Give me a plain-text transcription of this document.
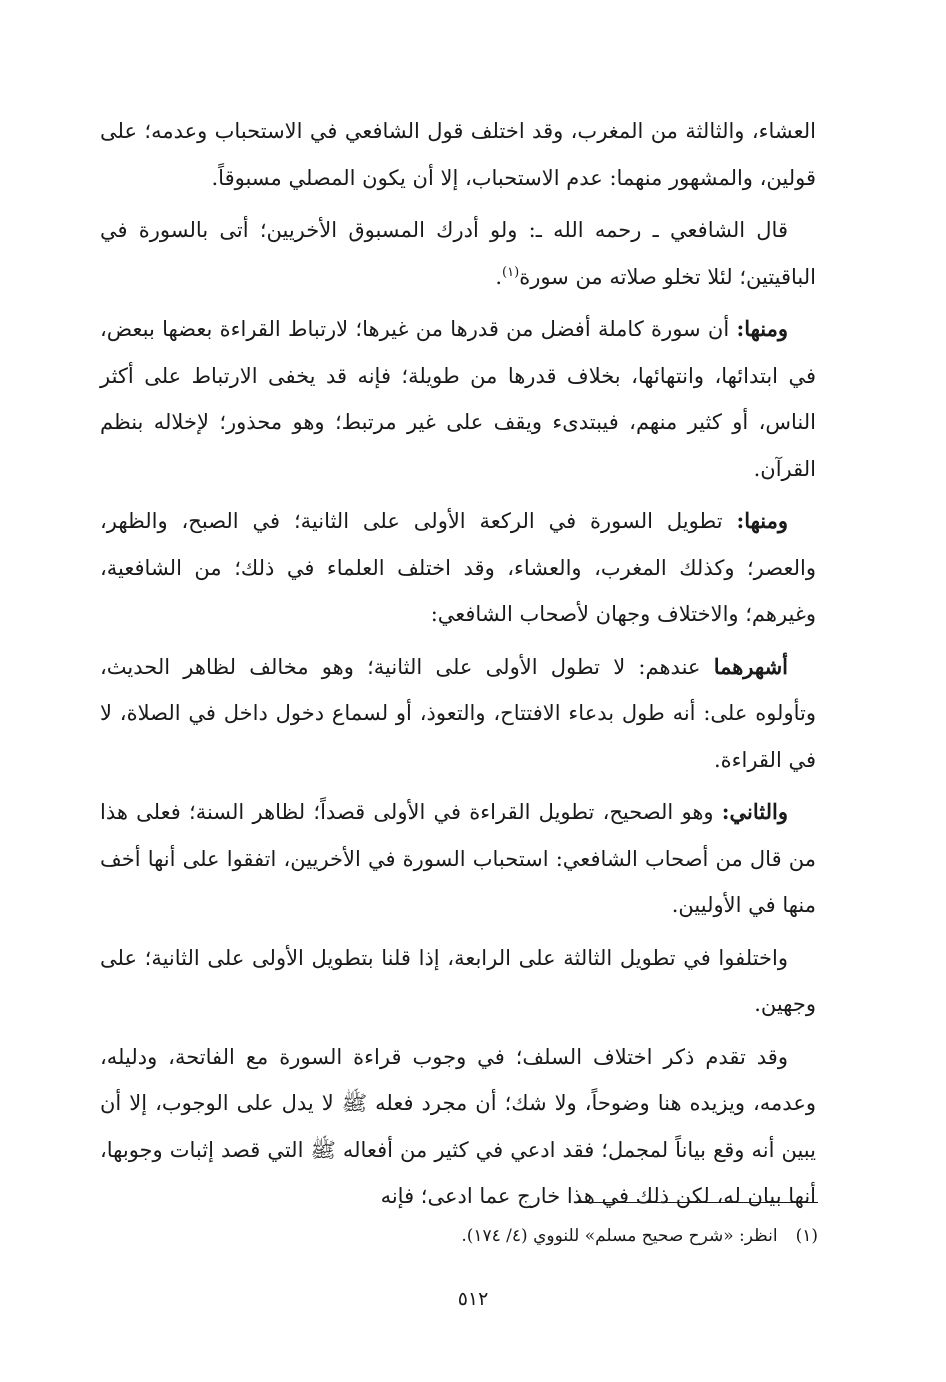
العشاء، والثالثة من المغرب، وقد اختلف قول الشافعي في الاستحباب وعدمه؛ على قولين، والمشهور منهما: عدم الاستحباب، إلا أن يكون المصلي مسبوقاً.

قال الشافعي ـ رحمه الله ـ: ولو أدرك المسبوق الأخريين؛ أتى بالسورة في الباقيتين؛ لئلا تخلو صلاته من سورة$^{(١)}$.

ومنها: أن سورة كاملة أفضل من قدرها من غيرها؛ لارتباط القراءة بعضها ببعض، في ابتدائها، وانتهائها، بخلاف قدرها من طويلة؛ فإنه قد يخفى الارتباط على أكثر الناس، أو كثير منهم، فيبتدىء ويقف على غير مرتبط؛ وهو محذور؛ لإخلاله بنظم القرآن.

ومنها: تطويل السورة في الركعة الأولى على الثانية؛ في الصبح، والظهر، والعصر؛ وكذلك المغرب، والعشاء، وقد اختلف العلماء في ذلك؛ من الشافعية، وغيرهم؛ والاختلاف وجهان لأصحاب الشافعي:

أشهرهما عندهم: لا تطول الأولى على الثانية؛ وهو مخالف لظاهر الحديث، وتأولوه على: أنه طول بدعاء الافتتاح، والتعوذ، أو لسماع دخول داخل في الصلاة، لا في القراءة.

والثاني: وهو الصحيح، تطويل القراءة في الأولى قصداً؛ لظاهر السنة؛ فعلى هذا من قال من أصحاب الشافعي: استحباب السورة في الأخريين، اتفقوا على أنها أخف منها في الأوليين.

واختلفوا في تطويل الثالثة على الرابعة، إذا قلنا بتطويل الأولى على الثانية؛ على وجهين.

وقد تقدم ذكر اختلاف السلف؛ في وجوب قراءة السورة مع الفاتحة، ودليله، وعدمه، ويزيده هنا وضوحاً، ولا شك؛ أن مجرد فعله ﷺ لا يدل على الوجوب، إلا أن يبين أنه وقع بياناً لمجمل؛ فقد ادعي في كثير من أفعاله ﷺ التي قصد إثبات وجوبها، أنها بيان له، لكن ذلك في هذا خارج عما ادعى؛ فإنه

(١)انظر: «شرح صحيح مسلم» للنووي (٤/ ١٧٤).
٥١٢
